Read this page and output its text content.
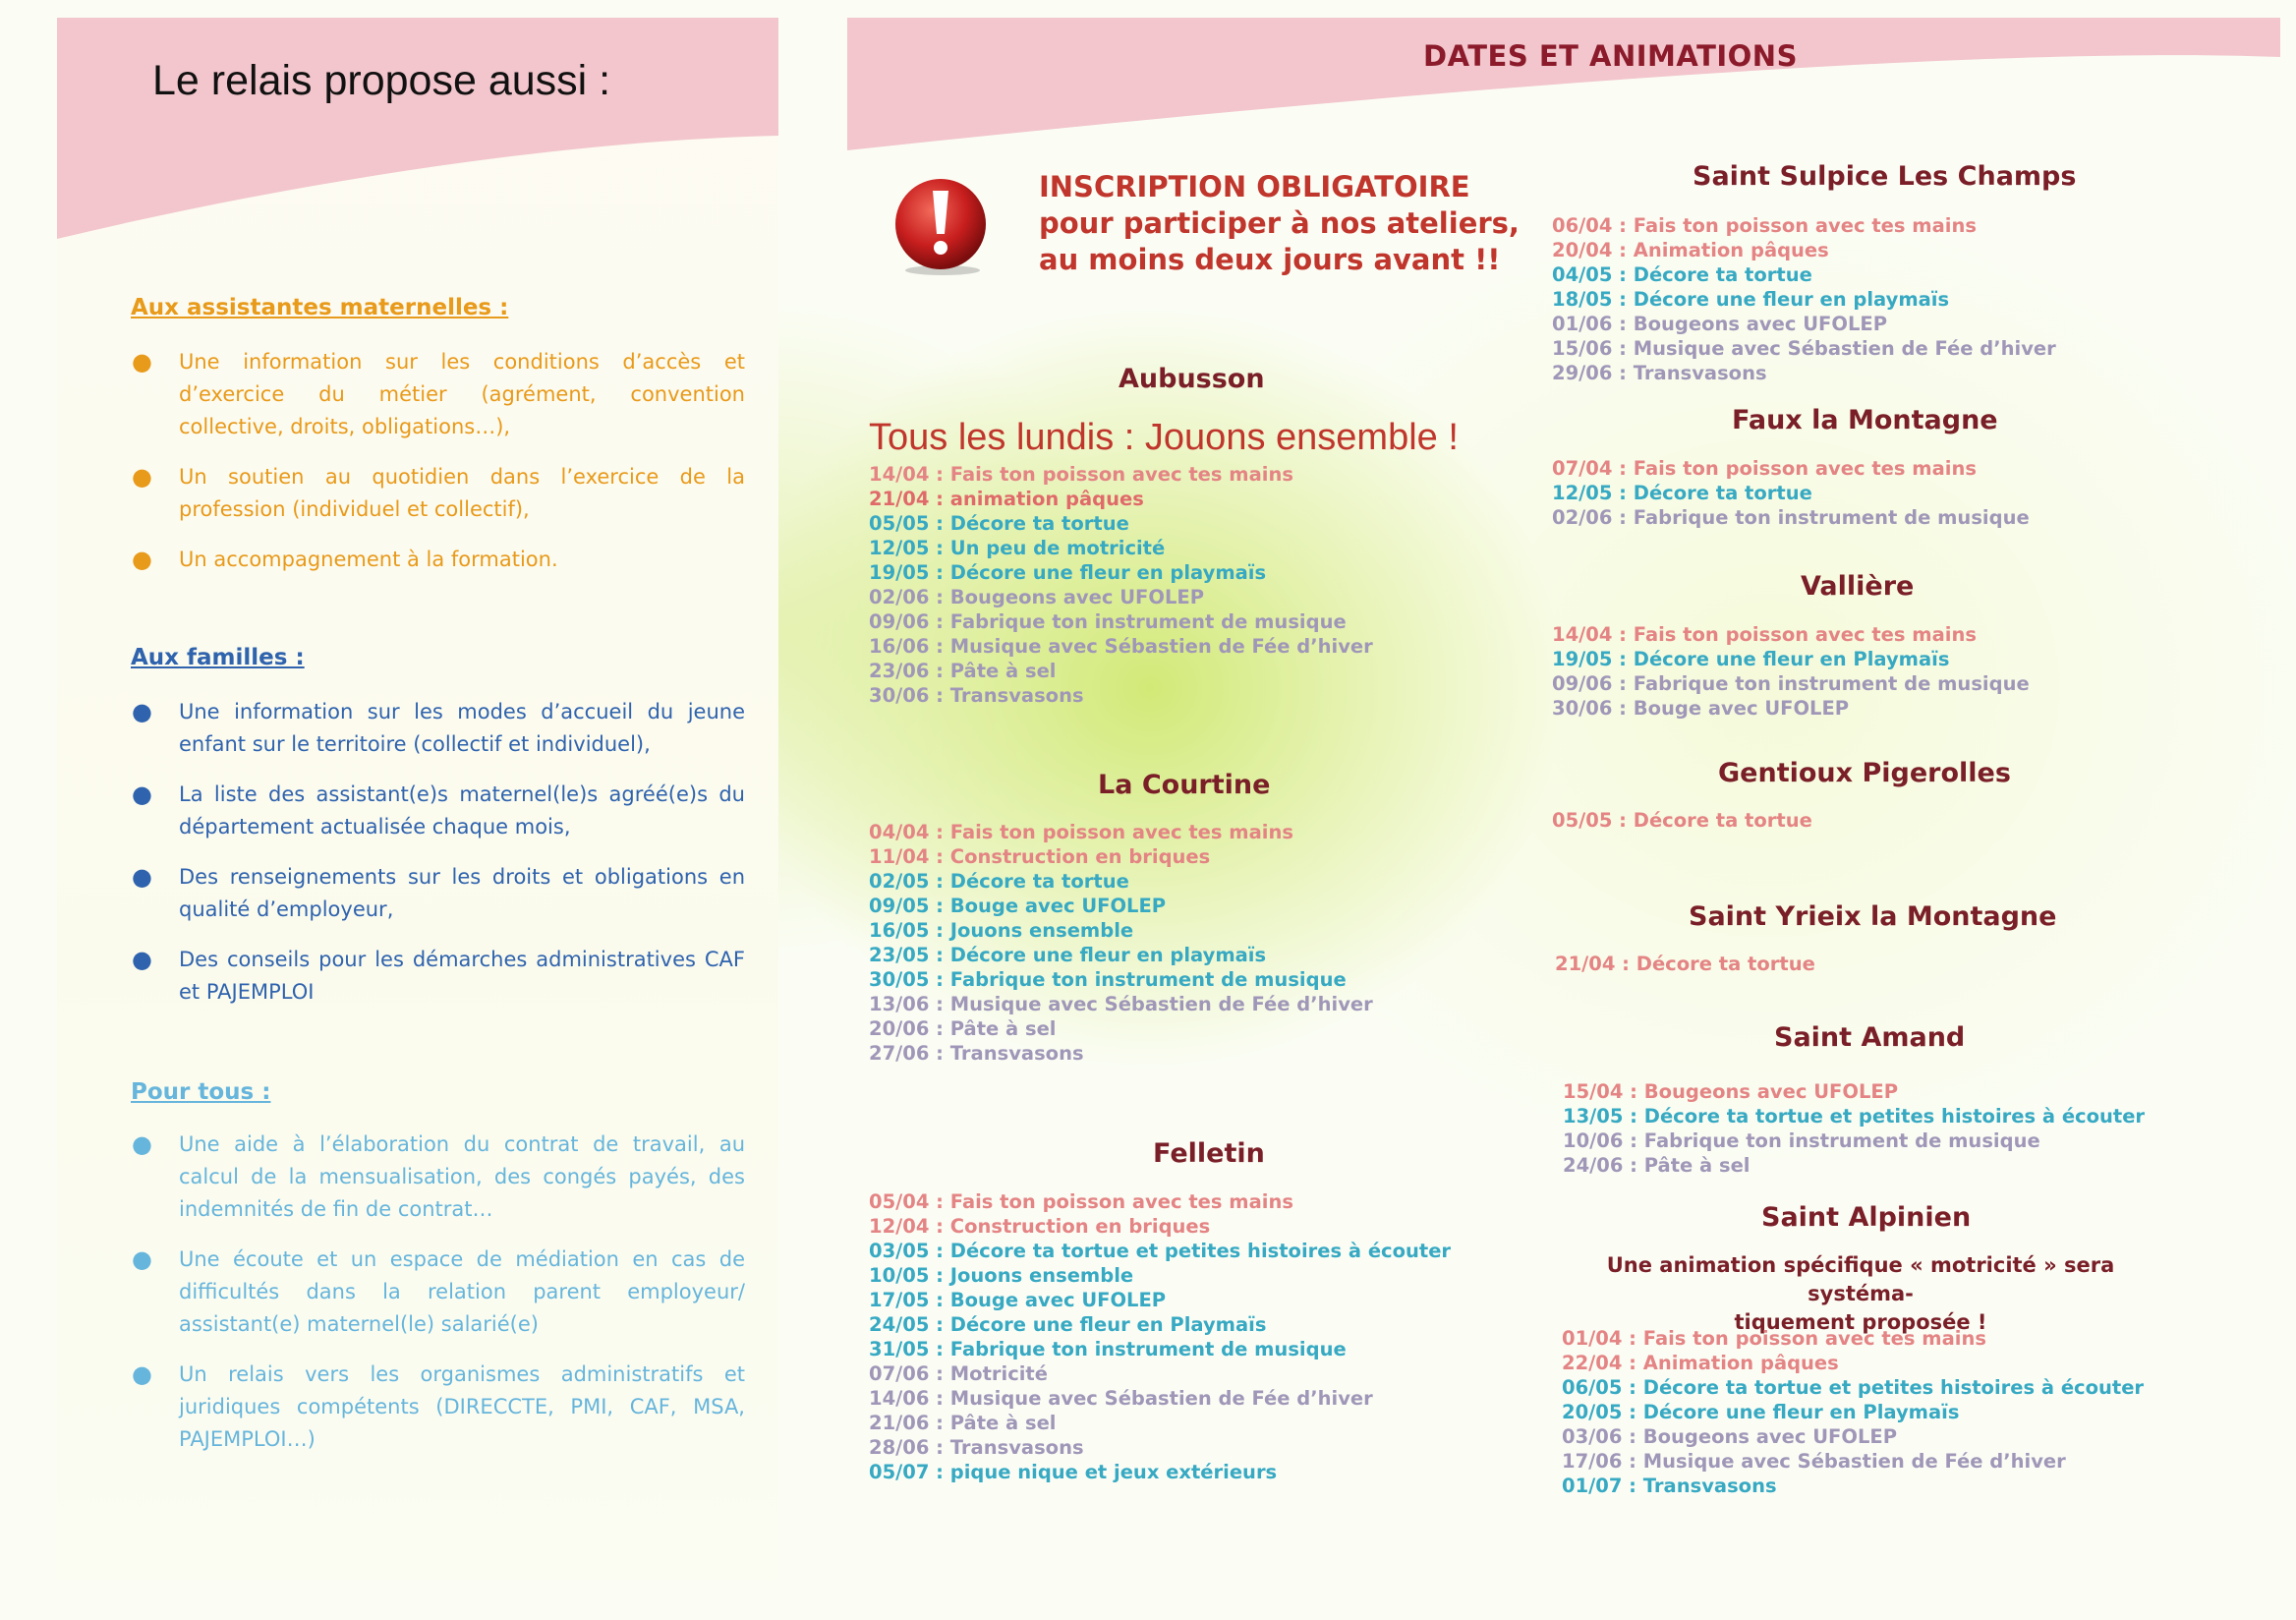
Le relais propose aussi :
DATES ET ANIMATIONS
Aux assistantes maternelles :
● Une information sur les conditions d’accès et d’exercice du métier (agrément, convention collective, droits, obligations…),
● Un soutien au quotidien dans l’exercice de la profession (individuel et collectif),
● Un accompagnement à la formation.
Aux familles :
● Une information sur les modes d’accueil du jeune enfant sur le territoire (collectif et individuel),
● La liste des assistant(e)s maternel(le)s agréé(e)s du département actualisée chaque mois,
● Des renseignements sur les droits et obligations en qualité d’employeur,
● Des conseils pour les démarches administratives CAF et PAJEMPLOI
Pour tous :
● Une aide à l’élaboration du contrat de travail, au calcul de la mensualisation, des congés payés, des indemnités de fin de contrat…
● Une écoute et un espace de médiation en cas de difficultés dans la relation parent employeur/ assistant(e) maternel(le) salarié(e)
● Un relais vers les organismes administratifs et juridiques compétents (DIRECCTE, PMI, CAF, MSA, PAJEMPLOI…)
INSCRIPTION OBLIGATOIRE
pour participer à nos ateliers,
au moins deux jours avant !!
Aubusson
Tous les lundis : Jouons ensemble !
14/04 : Fais ton poisson avec tes mains
21/04 : animation pâques
05/05 : Décore ta tortue
12/05 : Un peu de motricité
19/05 : Décore une fleur en playmaïs
02/06 : Bougeons avec UFOLEP
09/06 : Fabrique ton instrument de musique
16/06 : Musique avec Sébastien de Fée d’hiver
23/06 : Pâte à sel
30/06 : Transvasons
La Courtine
04/04 : Fais ton poisson avec tes mains
11/04 : Construction en briques
02/05 : Décore ta tortue
09/05 : Bouge avec UFOLEP
16/05 : Jouons ensemble
23/05 : Décore une fleur en playmaïs
30/05 : Fabrique ton instrument de musique
13/06 : Musique avec Sébastien de Fée d’hiver
20/06 : Pâte à sel
27/06 : Transvasons
Felletin
05/04 : Fais ton poisson avec tes mains
12/04 : Construction en briques
03/05 : Décore ta tortue et petites histoires à écouter
10/05 : Jouons ensemble
17/05 : Bouge avec UFOLEP
24/05 : Décore une fleur en Playmaïs
31/05 : Fabrique ton instrument de musique
07/06 : Motricité
14/06 : Musique avec Sébastien de Fée d’hiver
21/06 : Pâte à sel
28/06 : Transvasons
05/07 : pique nique et jeux extérieurs
Saint Sulpice Les Champs
06/04 : Fais ton poisson avec tes mains
20/04 : Animation pâques
04/05 : Décore ta tortue
18/05 : Décore une fleur en playmaïs
01/06 : Bougeons avec UFOLEP
15/06 : Musique avec Sébastien de Fée d’hiver
29/06 : Transvasons
Faux la Montagne
07/04 : Fais ton poisson avec tes mains
12/05 : Décore ta tortue
02/06 : Fabrique ton instrument de musique
Vallière
14/04 : Fais ton poisson avec tes mains
19/05 : Décore une fleur en Playmaïs
09/06 : Fabrique ton instrument de musique
30/06 : Bouge avec UFOLEP
Gentioux Pigerolles
05/05 : Décore ta tortue
Saint Yrieix la Montagne
21/04 : Décore ta tortue
Saint Amand
15/04 : Bougeons avec UFOLEP
13/05 : Décore ta tortue et petites histoires à écouter
10/06 : Fabrique ton instrument de musique
24/06 : Pâte à sel
Saint Alpinien
Une animation spécifique « motricité » sera systéma-
tiquement proposée !
01/04 : Fais ton poisson avec tes mains
22/04 : Animation pâques
06/05 : Décore ta tortue et petites histoires à écouter
20/05 : Décore une fleur en Playmaïs
03/06 : Bougeons avec UFOLEP
17/06 : Musique avec Sébastien de Fée d’hiver
01/07 : Transvasons
